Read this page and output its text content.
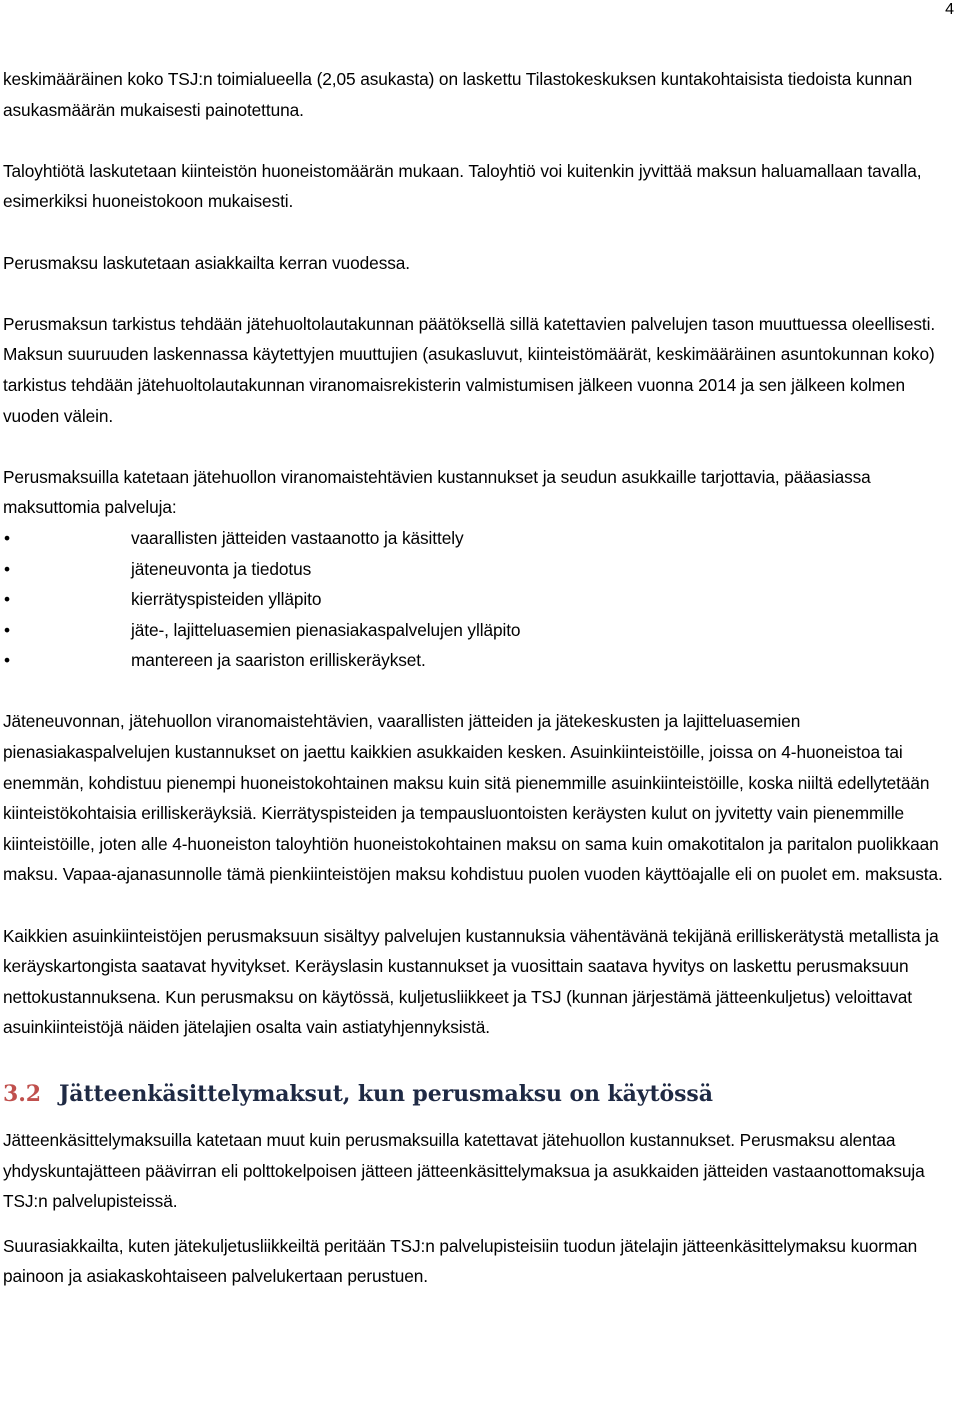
4

keskimääräinen koko TSJ:n toimialueella (2,05 asukasta) on laskettu Tilastokeskuksen kuntakohtaisista tiedoista kunnan asukasmäärän mukaisesti painotettuna.

Taloyhtiötä laskutetaan kiinteistön huoneistomäärän mukaan. Taloyhtiö voi kuitenkin jyvittää maksun haluamallaan tavalla, esimerkiksi huoneistokoon mukaisesti.

Perusmaksu laskutetaan asiakkailta kerran vuodessa.

Perusmaksun tarkistus tehdään jätehuoltolautakunnan päätöksellä sillä katettavien palvelujen tason muuttuessa oleellisesti. Maksun suuruuden laskennassa käytettyjen muuttujien (asukasluvut, kiinteistömäärät, keskimääräinen asuntokunnan koko) tarkistus tehdään jätehuoltolautakunnan viranomaisrekisterin valmistumisen jälkeen vuonna 2014 ja sen jälkeen kolmen vuoden välein.

Perusmaksuilla katetaan jätehuollon viranomaistehtävien kustannukset ja seudun asukkaille tarjottavia, pääasiassa maksuttomia palveluja:

•	vaarallisten jätteiden vastaanotto ja käsittely
•	jäteneuvonta ja tiedotus
•	kierrätyspisteiden ylläpito
•	jäte-, lajitteluasemien pienasiakaspalvelujen ylläpito
•	mantereen ja saariston erilliskeräykset.

Jäteneuvonnan, jätehuollon viranomaistehtävien, vaarallisten jätteiden ja jätekeskusten ja lajitteluasemien pienasiakaspalvelujen kustannukset on jaettu kaikkien asukkaiden kesken. Asuinkiinteistöille, joissa on 4-huoneistoa tai enemmän, kohdistuu pienempi huoneistokohtainen maksu kuin sitä pienemmille asuinkiinteistöille, koska niiltä edellytetään kiinteistökohtaisia erilliskeräyksiä. Kierrätyspisteiden ja tempausluontoisten keräysten kulut on jyvitetty vain pienemmille kiinteistöille, joten alle 4-huoneiston taloyhtiön huoneistokohtainen maksu on sama kuin omakotitalon ja paritalon puolikkaan maksu. Vapaa-ajanasunnolle tämä pienkiinteistöjen maksu kohdistuu puolen vuoden käyttöajalle eli on puolet em. maksusta.

Kaikkien asuinkiinteistöjen perusmaksuun sisältyy palvelujen kustannuksia vähentävänä tekijänä erilliskerätystä metallista ja keräyskartongista saatavat hyvitykset. Keräyslasin kustannukset ja vuosittain saatava hyvitys on laskettu perusmaksuun nettokustannuksena. Kun perusmaksu on käytössä, kuljetusliikkeet ja TSJ (kunnan järjestämä jätteenkuljetus) veloittavat asuinkiinteistöjä näiden jätelajien osalta vain astiatyhjennyksistä.

3.2 Jätteenkäsittelymaksut, kun perusmaksu on käytössä

Jätteenkäsittelymaksuilla katetaan muut kuin perusmaksuilla katettavat jätehuollon kustannukset. Perusmaksu alentaa yhdyskuntajätteen päävirran eli polttokelpoisen jätteen jätteenkäsittelymaksua ja asukkaiden jätteiden vastaanottomaksuja TSJ:n palvelupisteissä.

Suurasiakkailta, kuten jätekuljetusliikkeiltä peritään TSJ:n palvelupisteisiin tuodun jätelajin jätteenkäsittelymaksu kuorman painoon ja asiakaskohtaiseen palvelukertaan perustuen.
